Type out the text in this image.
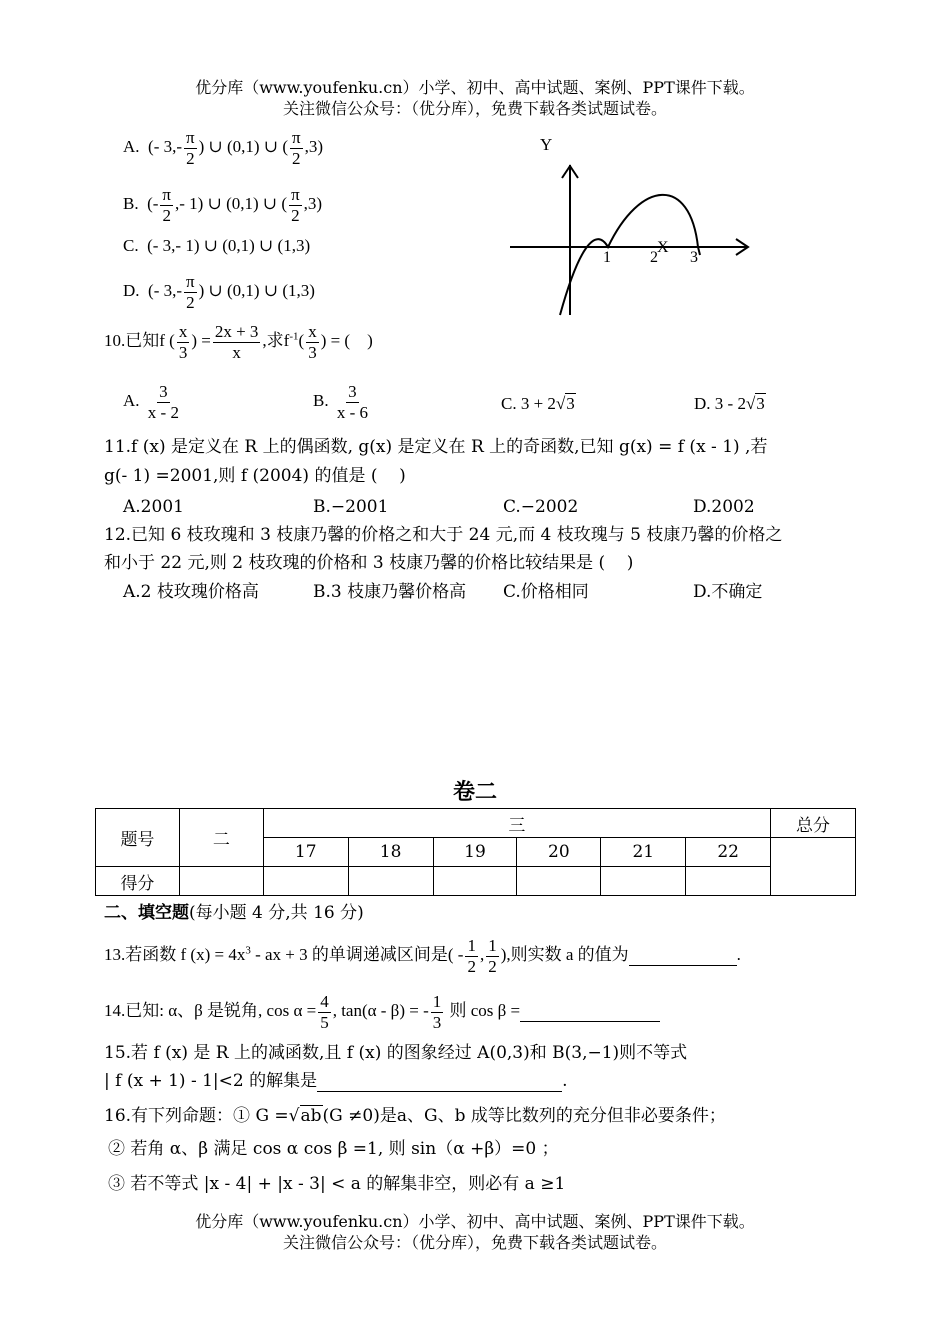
优分库（www.youfenku.cn）小学、初中、高中试题、案例、PPT课件下载。
关注微信公众号：（优分库），免费下载各类试题试卷。
A. (- $3,- \frac{\pi}{2}$ ) ∪ (0,1) ∪ ( $\frac{\pi}{2} ,3$)
B. (- $\frac{\pi}{2}$ ,- 1) ∪ (0,1) ∪ ( $\frac{\pi}{2} ,3$)
C. (- 3,- 1) ∪ (0,1) ∪ (1,3)
D. (- $3,- \frac{\pi}{2}$ ) ∪ (0,1) ∪ (1,3)
Y
X
1 2 3
10.已知f ( $\frac{x}{3}$ ) = $\frac{2x + 3}{x}$ ,求$f^{-1}( \frac{x}{3}$ ) = (    )
A. $\frac{3}{x - 2}$	B. $\frac{3}{x - 6}$	C. 3 + 2√3	D. 3 - 2√3
11.f (x) 是定义在 R 上的偶函数, g(x) 是定义在 R 上的奇函数,已知 g(x) = f (x - 1) ,若
g(- 1) =2001,则 f (2004) 的值是 (    )
A.2001	B.−2001	C.−2002	D.2002
12.已知 6 枝玫瑰和 3 枝康乃馨的价格之和大于 24 元,而 4 枝玫瑰与 5 枝康乃馨的价格之
和小于 22 元,则 2 枝玫瑰的价格和 3 枝康乃馨的价格比较结果是 (    )
A.2 枝玫瑰价格高	B.3 枝康乃馨价格高 C.价格相同	D.不确定
卷二
题号	二	三						总分
		17	18	19	20	21	22	
得分								
二、填空题(每小题 4 分,共 16 分)
13.若函数 f $(x) = 4x^3$ - ax + 3 的单调递减区间是( - $\frac{1}{2}$ , $\frac{1}{2}$ ),则实数 a 的值为	.
14.已知: α、β 是锐角, $\cos \alpha = \frac{4}{5}$ , tan(α - β) = - $\frac{1}{3}$ 则 cos β =
15.若 f (x) 是 R 上的减函数,且 f (x) 的图象经过 A(0,3)和 B(3,−1)则不等式
| f (x + 1) - 1|<2 的解集是	.
16.有下列命题：① G =√ab(G ≠0)是a、G、b 成等比数列的充分但非必要条件；
② 若角 α、β 满足 cos α cos β =1, 则 sin（α +β）=0 ；
③ 若不等式 |x - 4| + |x - 3| < a 的解集非空，则必有 a ≥1
优分库（www.youfenku.cn）小学、初中、高中试题、案例、PPT课件下载。
关注微信公众号：（优分库），免费下载各类试题试卷。
